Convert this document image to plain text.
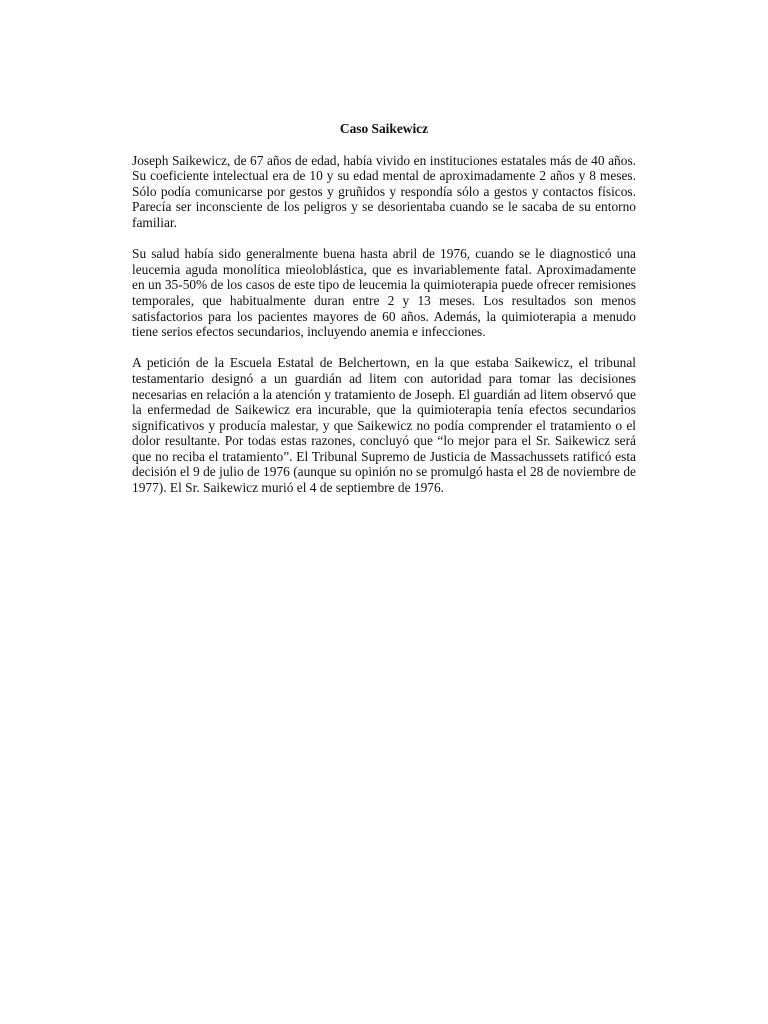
Caso Saikewicz

Joseph Saikewicz, de 67 años de edad, había vivido en instituciones estatales más de 40 años. Su coeficiente intelectual era de 10 y su edad mental de aproximadamente 2 años y 8 meses. Sólo podía comunicarse por gestos y gruñidos y respondía sólo a gestos y contactos físicos. Parecía ser inconsciente de los peligros y se desorientaba cuando se le sacaba de su entorno familiar.

Su salud había sido generalmente buena hasta abril de 1976, cuando se le diagnosticó una leucemia aguda monolítica mieoloblástica, que es invariablemente fatal. Aproximadamente en un 35-50% de los casos de este tipo de leucemia la quimioterapia puede ofrecer remisiones temporales, que habitualmente duran entre 2 y 13 meses. Los resultados son menos satisfactorios para los pacientes mayores de 60 años. Además, la quimioterapia a menudo tiene serios efectos secundarios, incluyendo anemia e infecciones.

A petición de la Escuela Estatal de Belchertown, en la que estaba Saikewicz, el tribunal testamentario designó a un guardián ad litem con autoridad para tomar las decisiones necesarias en relación a la atención y tratamiento de Joseph. El guardián ad litem observó que la enfermedad de Saikewicz era incurable, que la quimioterapia tenía efectos secundarios significativos y producía malestar, y que Saikewicz no podía comprender el tratamiento o el dolor resultante. Por todas estas razones, concluyó que “lo mejor para el Sr. Saikewicz será que no reciba el tratamiento”. El Tribunal Supremo de Justicia de Massachussets ratificó esta decisión el 9 de julio de 1976 (aunque su opinión no se promulgó hasta el 28 de noviembre de 1977). El Sr. Saikewicz murió el 4 de septiembre de 1976.
